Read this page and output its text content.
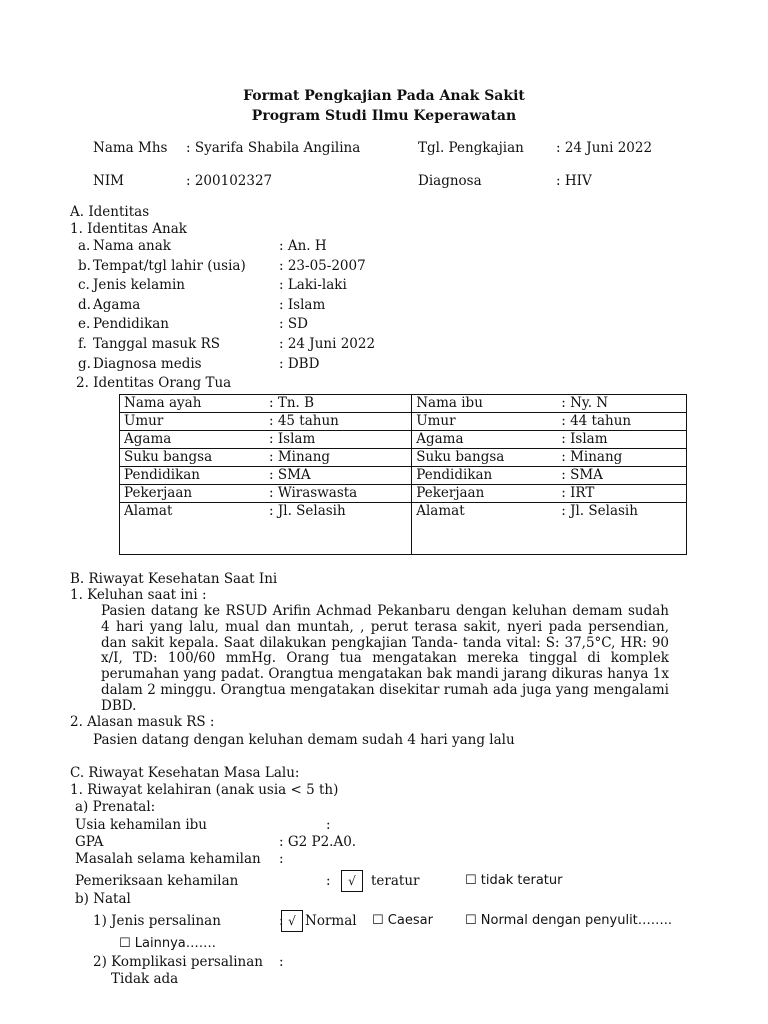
Format Pengkajian Pada Anak Sakit
Program Studi Ilmu Keperawatan
Nama Mhs : Syarifa Shabila Angilina	Tgl. Pengkajian : 24 Juni 2022
NIM	: 200102327	Diagnosa	: HIV
A. Identitas
1. Identitas Anak
a. Nama anak	: An. H
b. Tempat/tgl lahir (usia) : 23-05-2007
c. Jenis kelamin	: Laki-laki
d. Agama	: Islam
e. Pendidikan	: SD
f. Tanggal masuk RS	: 24 Juni 2022
g. Diagnosa medis	: DBD
2. Identitas Orang Tua
Nama ayah	: Tn. B	Nama ibu	: Ny. N
Umur	: 45 tahun	Umur	: 44 tahun
Agama	: Islam	Agama	: Islam
Suku bangsa	: Minang	Suku bangsa	: Minang
Pendidikan	: SMA	Pendidikan	: SMA
Pekerjaan	: Wiraswasta	Pekerjaan	: IRT
Alamat	: Jl. Selasih	Alamat	: Jl. Selasih
B. Riwayat Kesehatan Saat Ini
1. Keluhan saat ini :
Pasien datang ke RSUD Arifin Achmad Pekanbaru dengan keluhan demam sudah 4 hari yang lalu, mual dan muntah, , perut terasa sakit, nyeri pada persendian, dan sakit kepala. Saat dilakukan pengkajian Tanda- tanda vital: S: 37,5°C, HR: 90 x/I, TD: 100/60 mmHg. Orang tua mengatakan mereka tinggal di komplek perumahan yang padat. Orangtua mengatakan bak mandi jarang dikuras hanya 1x dalam 2 minggu. Orangtua mengatakan disekitar rumah ada juga yang mengalami DBD.
2. Alasan masuk RS :
Pasien datang dengan keluhan demam sudah 4 hari yang lalu
C. Riwayat Kesehatan Masa Lalu:
1. Riwayat kelahiran (anak usia < 5 th)
a) Prenatal:
Usia kehamilan ibu	:
GPA	: G2 P2.A0.
Masalah selama kehamilan :
Pemeriksaan kehamilan	:	√	teratur	☐ tidak teratur
b) Natal
1) Jenis persalinan	: √ Normal ☐ Caesar ☐ Normal dengan penyulit……..
☐ Lainnya…….
2) Komplikasi persalinan :
Tidak ada
